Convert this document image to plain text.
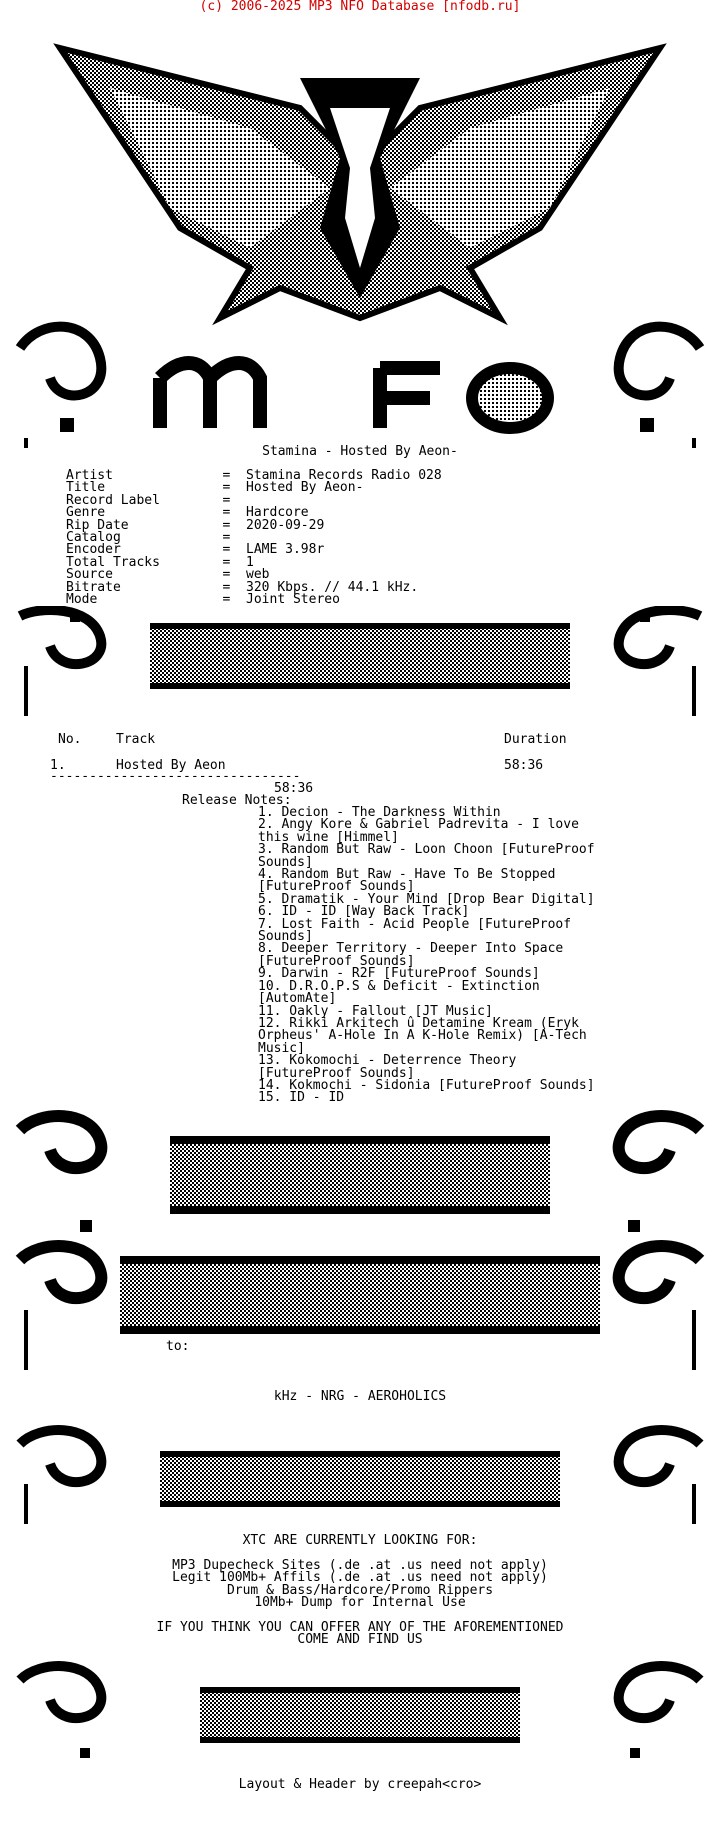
(c) 2006-2025 MP3 NFO Database [nfodb.ru]
Stamina - Hosted By Aeon-
Artist              =  Stamina Records Radio 028
Title               =  Hosted By Aeon-
Record Label        =
Genre               =  Hardcore
Rip Date            =  2020-09-29
Catalog             =
Encoder             =  LAME 3.98r
Total Tracks        =  1
Source              =  web
Bitrate             =  320 Kbps. // 44.1 kHz.
Mode                =  Joint Stereo
No.	Track	Duration
1.	Hosted By Aeon	58:36
--------------------------------
58:36
Release Notes:
1. Decion - The Darkness Within
2. Angy Kore & Gabriel Padrevita - I love
this wine [Himmel]
3. Random But Raw - Loon Choon [FutureProof
Sounds]
4. Random But Raw - Have To Be Stopped
[FutureProof Sounds]
5. Dramatik - Your Mind [Drop Bear Digital]
6. ID - ID [Way Back Track]
7. Lost Faith - Acid People [FutureProof
Sounds]
8. Deeper Territory - Deeper Into Space
[FutureProof Sounds]
9. Darwin - R2F [FutureProof Sounds]
10. D.R.O.P.S & Deficit - Extinction
[AutomAte]
11. Oakly - Fallout [JT Music]
12. Rikki Arkitech û Detamine Kream (Eryk
Orpheus' A-Hole In A K-Hole Remix) [A-Tech
Music]
13. Kokomochi - Deterrence Theory
[FutureProof Sounds]
14. Kokmochi - Sidonia [FutureProof Sounds]
15. ID - ID
to:
kHz - NRG - AEROHOLICS
XTC ARE CURRENTLY LOOKING FOR:
MP3 Dupecheck Sites (.de .at .us need not apply)
Legit 100Mb+ Affils (.de .at .us need not apply)
Drum & Bass/Hardcore/Promo Rippers
10Mb+ Dump for Internal Use
IF YOU THINK YOU CAN OFFER ANY OF THE AFOREMENTIONED
COME AND FIND US
Layout & Header by creepah<cro>
